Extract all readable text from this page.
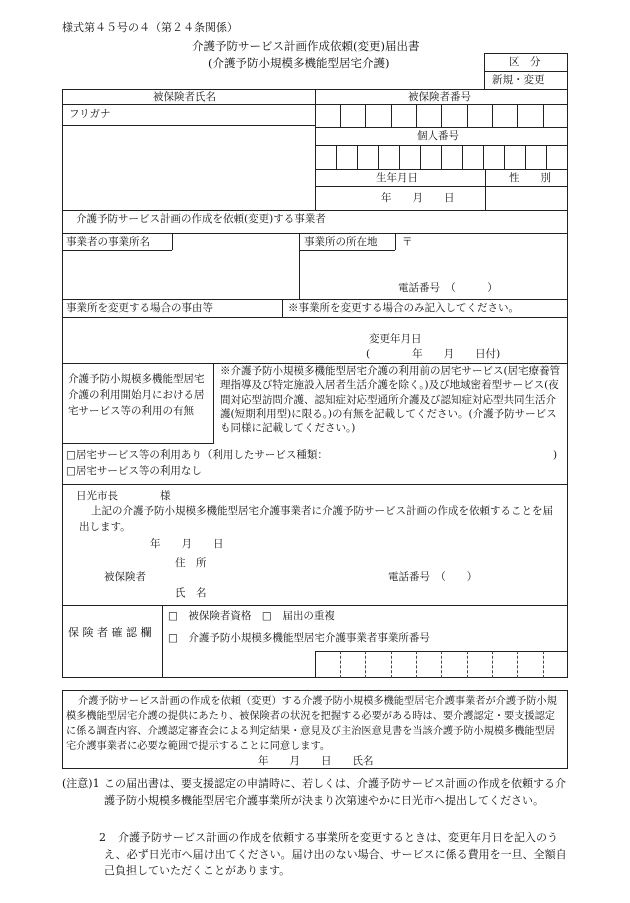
様式第４５号の４（第２４条関係）
介護予防サービス計画作成依頼(変更)届出書
(介護予防小規模多機能型居宅介護)	区　分
新規・変更
被保険者氏名	被保険者番号
フリガナ
個人番号
生年月日	性　　別
年　　月　　日
介護予防サービス計画の作成を依頼(変更)する事業者
事業者の事業所名	事業所の所在地 〒
電話番号　（　　　）
事業所を変更する場合の事由等	※事業所を変更する場合のみ記入してください。
変更年月日
(　　　　年　　月　　日付)
介護予防小規模多機能型居宅介護の利用開始月における居宅サービス等の利用の有無
※介護予防小規模多機能型居宅介護の利用前の居宅サービス(居宅療養管理指導及び特定施設入居者生活介護を除く。)及び地域密着型サービス(夜間対応型訪問介護、認知症対応型通所介護及び認知症対応型共同生活介護(短期利用型)に限る。)の有無を記載してください。(介護予防サービスも同様に記載してください。)
□居宅サービス等の利用あり（利用したサービス種類：	)
□居宅サービス等の利用なし
日光市長　　　　様
上記の介護予防小規模多機能型居宅介護事業者に介護予防サービス計画の作成を依頼することを届出します。
年　　月　　日
住　所
被保険者	電話番号　（　　）
氏　名
保 険 者 確 認 欄
□　被保険者資格　□　届出の重複
□　介護予防小規模多機能型居宅介護事業者事業所番号
介護予防サービス計画の作成を依頼（変更）する介護予防小規模多機能型居宅介護事業者が介護予防小規模多機能型居宅介護の提供にあたり、被保険者の状況を把握する必要がある時は、要介護認定・要支援認定に係る調査内容、介護認定審査会による判定結果・意見及び主治医意見書を当該介護予防小規模多機能型居宅介護事業者に必要な範囲で提示することに同意します。
年　　月　　日　　氏名
(注意)1 この届出書は、要支援認定の申請時に、若しくは、介護予防サービス計画の作成を依頼する介護予防小規模多機能型居宅介護事業所が決まり次第速やかに日光市へ提出してください。
2	介護予防サービス計画の作成を依頼する事業所を変更するときは、変更年月日を記入のうえ、必ず日光市へ届け出てください。届け出のない場合、サービスに係る費用を一旦、全額自己負担していただくことがあります。
